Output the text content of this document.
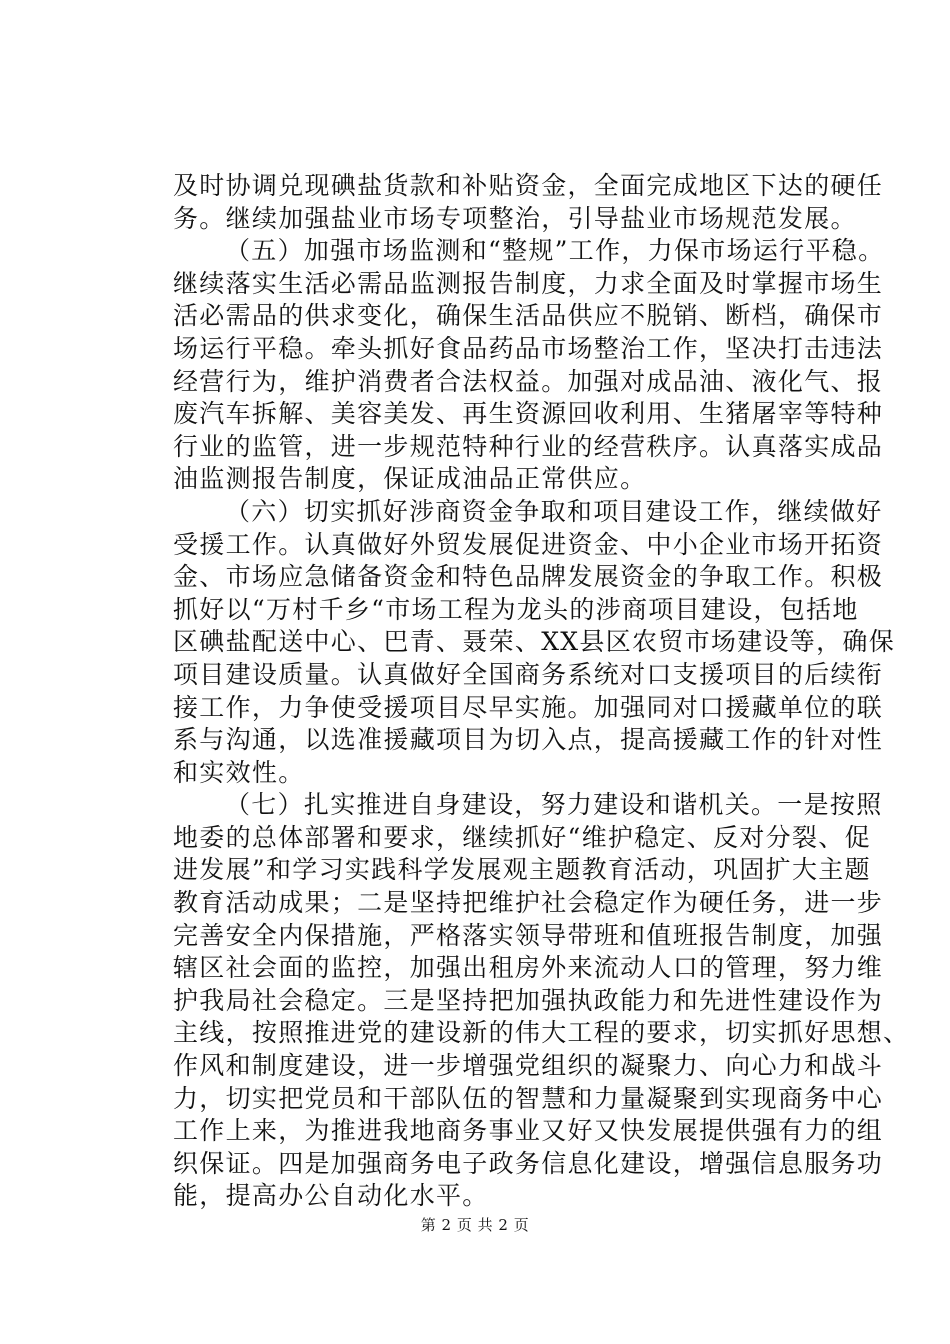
及时协调兑现碘盐货款和补贴资金，全面完成地区下达的硬任
务。继续加强盐业市场专项整治，引导盐业市场规范发展。
（五）加强市场监测和“整规”工作，力保市场运行平稳。
继续落实生活必需品监测报告制度，力求全面及时掌握市场生
活必需品的供求变化，确保生活品供应不脱销、断档，确保市
场运行平稳。牵头抓好食品药品市场整治工作，坚决打击违法
经营行为，维护消费者合法权益。加强对成品油、液化气、报
废汽车拆解、美容美发、再生资源回收利用、生猪屠宰等特种
行业的监管，进一步规范特种行业的经营秩序。认真落实成品
油监测报告制度，保证成油品正常供应。
（六）切实抓好涉商资金争取和项目建设工作，继续做好
受援工作。认真做好外贸发展促进资金、中小企业市场开拓资
金、市场应急储备资金和特色品牌发展资金的争取工作。积极
抓好以“万村千乡“市场工程为龙头的涉商项目建设，包括地
区碘盐配送中心、巴青、聂荣、XX县区农贸市场建设等，确保
项目建设质量。认真做好全国商务系统对口支援项目的后续衔
接工作，力争使受援项目尽早实施。加强同对口援藏单位的联
系与沟通，以选准援藏项目为切入点，提高援藏工作的针对性
和实效性。
（七）扎实推进自身建设，努力建设和谐机关。一是按照
地委的总体部署和要求，继续抓好“维护稳定、反对分裂、促
进发展”和学习实践科学发展观主题教育活动，巩固扩大主题
教育活动成果；二是坚持把维护社会稳定作为硬任务，进一步
完善安全内保措施，严格落实领导带班和值班报告制度，加强
辖区社会面的监控，加强出租房外来流动人口的管理，努力维
护我局社会稳定。三是坚持把加强执政能力和先进性建设作为
主线，按照推进党的建设新的伟大工程的要求，切实抓好思想、
作风和制度建设，进一步增强党组织的凝聚力、向心力和战斗
力，切实把党员和干部队伍的智慧和力量凝聚到实现商务中心
工作上来，为推进我地商务事业又好又快发展提供强有力的组
织保证。四是加强商务电子政务信息化建设，增强信息服务功
能，提高办公自动化水平。
第 2 页 共 2 页
